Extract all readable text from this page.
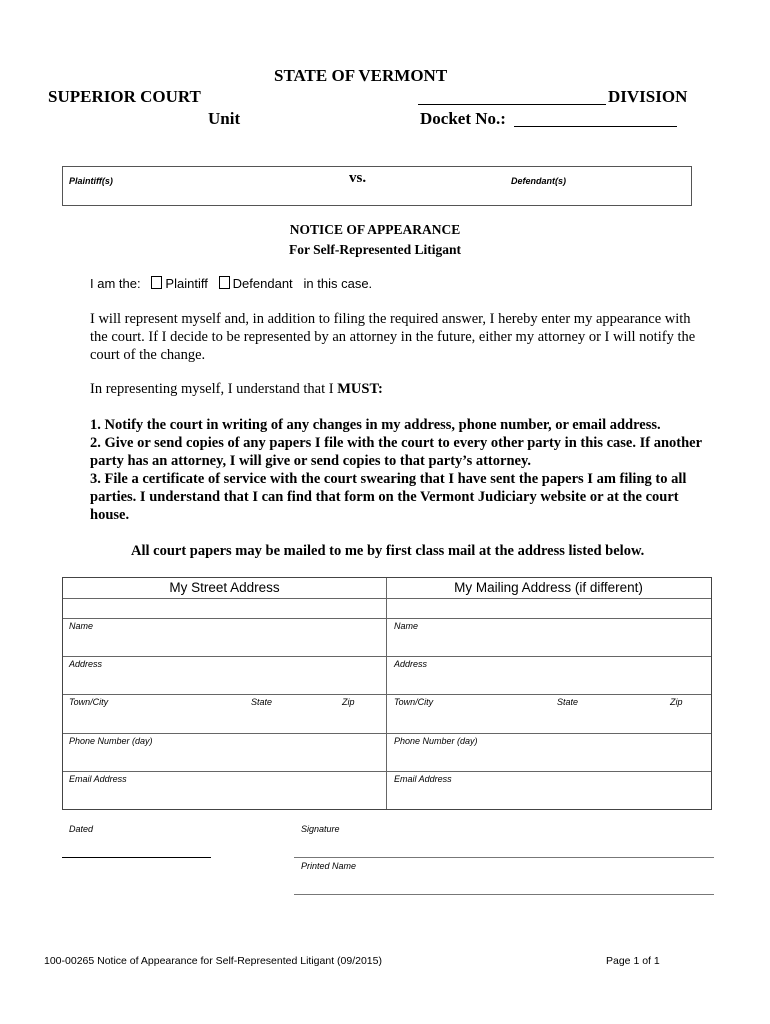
STATE OF VERMONT
SUPERIOR COURT	DIVISION
Unit	Docket No.:
Plaintiff(s)	vs.	Defendant(s)
NOTICE OF APPEARANCE
For Self-Represented Litigant
I am the: Plaintiff Defendant in this case.
I will represent myself and, in addition to filing the required answer, I hereby enter my appearance with the court. If I decide to be represented by an attorney in the future, either my attorney or I will notify the court of the change.
In representing myself, I understand that I MUST:
1. Notify the court in writing of any changes in my address, phone number, or email address.
2. Give or send copies of any papers I file with the court to every other party in this case. If another party has an attorney, I will give or send copies to that party’s attorney.
3. File a certificate of service with the court swearing that I have sent the papers I am filing to all parties. I understand that I can find that form on the Vermont Judiciary website or at the court house.
All court papers may be mailed to me by first class mail at the address listed below.
My Street Address	My Mailing Address (if different)
Name	Name
Address	Address
Town/City	State	Zip	Town/City	State	Zip
Phone Number (day)	Phone Number (day)
Email Address	Email Address
Dated	Signature
Printed Name
100-00265 Notice of Appearance for Self-Represented Litigant (09/2015)	Page 1 of 1
